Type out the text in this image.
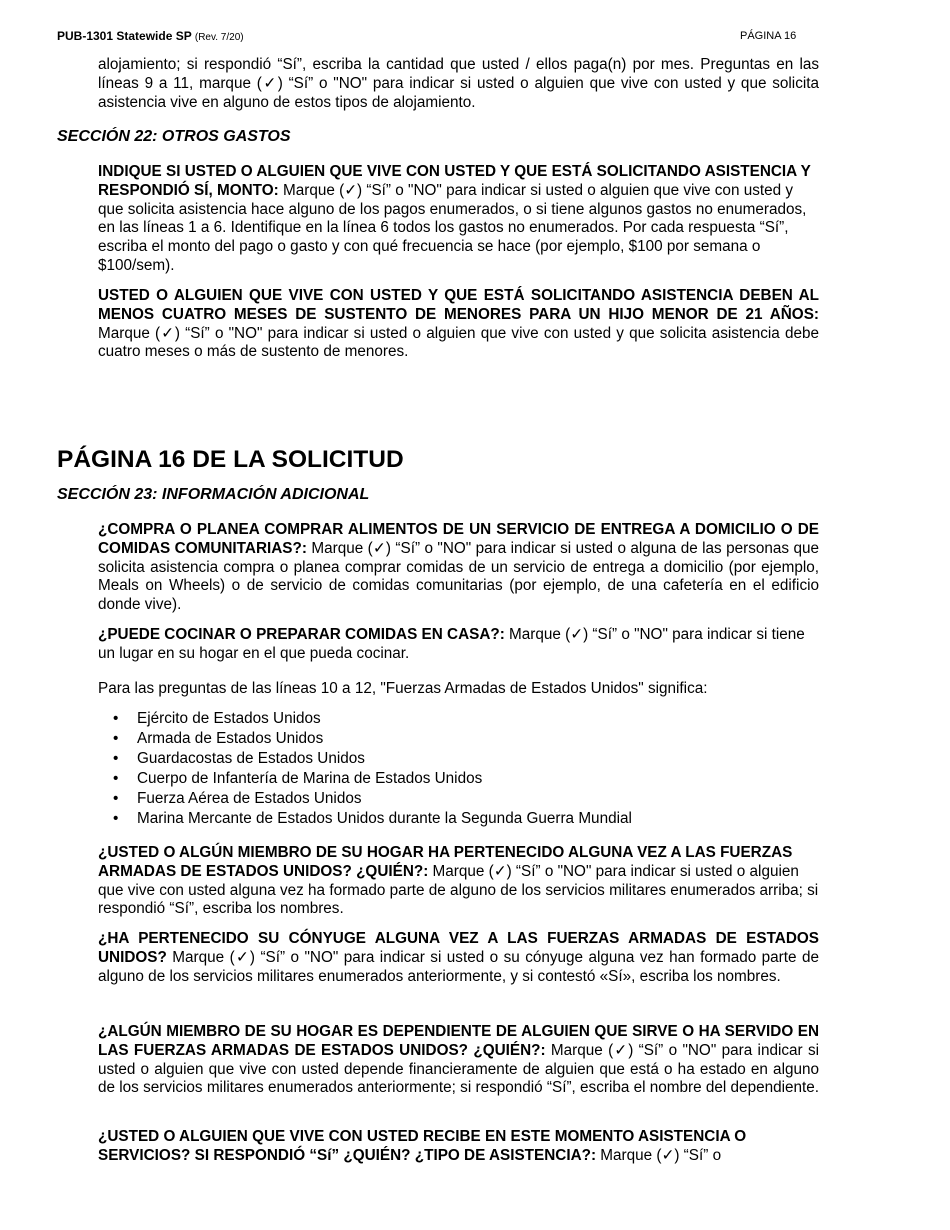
PUB-1301 Statewide SP (Rev. 7/20)	PÁGINA 16

alojamiento; si respondió “Sí”, escriba la cantidad que usted / ellos paga(n) por mes. Preguntas en las líneas 9 a 11, marque (✓) “Sí” o "NO" para indicar si usted o alguien que vive con usted y que solicita asistencia vive en alguno de estos tipos de alojamiento.

SECCIÓN 22: OTROS GASTOS

INDIQUE SI USTED O ALGUIEN QUE VIVE CON USTED Y QUE ESTÁ SOLICITANDO ASISTENCIA Y RESPONDIÓ SÍ, MONTO: Marque (✓) “Sí” o "NO" para indicar si usted o alguien que vive con usted y que solicita asistencia hace alguno de los pagos enumerados, o si tiene algunos gastos no enumerados, en las líneas 1 a 6. Identifique en la línea 6 todos los gastos no enumerados. Por cada respuesta “Sí”, escriba el monto del pago o gasto y con qué frecuencia se hace (por ejemplo, $100 por semana o $100/sem).

USTED O ALGUIEN QUE VIVE CON USTED Y QUE ESTÁ SOLICITANDO ASISTENCIA DEBEN AL MENOS CUATRO MESES DE SUSTENTO DE MENORES PARA UN HIJO MENOR DE 21 AÑOS: Marque (✓) “Sí” o "NO" para indicar si usted o alguien que vive con usted y que solicita asistencia debe cuatro meses o más de sustento de menores.

PÁGINA 16 DE LA SOLICITUD

SECCIÓN 23: INFORMACIÓN ADICIONAL

¿COMPRA O PLANEA COMPRAR ALIMENTOS DE UN SERVICIO DE ENTREGA A DOMICILIO O DE COMIDAS COMUNITARIAS?: Marque (✓) “Sí” o "NO" para indicar si usted o alguna de las personas que solicita asistencia compra o planea comprar comidas de un servicio de entrega a domicilio (por ejemplo, Meals on Wheels) o de servicio de comidas comunitarias (por ejemplo, de una cafetería en el edificio donde vive).

¿PUEDE COCINAR O PREPARAR COMIDAS EN CASA?: Marque (✓) “Sí” o "NO" para indicar si tiene un lugar en su hogar en el que pueda cocinar.

Para las preguntas de las líneas 10 a 12, "Fuerzas Armadas de Estados Unidos" significa:

• Ejército de Estados Unidos
• Armada de Estados Unidos
• Guardacostas de Estados Unidos
• Cuerpo de Infantería de Marina de Estados Unidos
• Fuerza Aérea de Estados Unidos
• Marina Mercante de Estados Unidos durante la Segunda Guerra Mundial

¿USTED O ALGÚN MIEMBRO DE SU HOGAR HA PERTENECIDO ALGUNA VEZ A LAS FUERZAS ARMADAS DE ESTADOS UNIDOS? ¿QUIÉN?: Marque (✓) “Sí” o "NO" para indicar si usted o alguien que vive con usted alguna vez ha formado parte de alguno de los servicios militares enumerados arriba; si respondió “Sí”, escriba los nombres.

¿HA PERTENECIDO SU CÓNYUGE ALGUNA VEZ A LAS FUERZAS ARMADAS DE ESTADOS UNIDOS? Marque (✓) “Sí” o "NO" para indicar si usted o su cónyuge alguna vez han formado parte de alguno de los servicios militares enumerados anteriormente, y si contestó «Sí», escriba los nombres.

¿ALGÚN MIEMBRO DE SU HOGAR ES DEPENDIENTE DE ALGUIEN QUE SIRVE O HA SERVIDO EN LAS FUERZAS ARMADAS DE ESTADOS UNIDOS? ¿QUIÉN?: Marque (✓) “Sí” o "NO" para indicar si usted o alguien que vive con usted depende financieramente de alguien que está o ha estado en alguno de los servicios militares enumerados anteriormente; si respondió “Sí”, escriba el nombre del dependiente.

¿USTED O ALGUIEN QUE VIVE CON USTED RECIBE EN ESTE MOMENTO ASISTENCIA O SERVICIOS? SI RESPONDIÓ “Sí” ¿QUIÉN? ¿TIPO DE ASISTENCIA?: Marque (✓) “Sí” o
